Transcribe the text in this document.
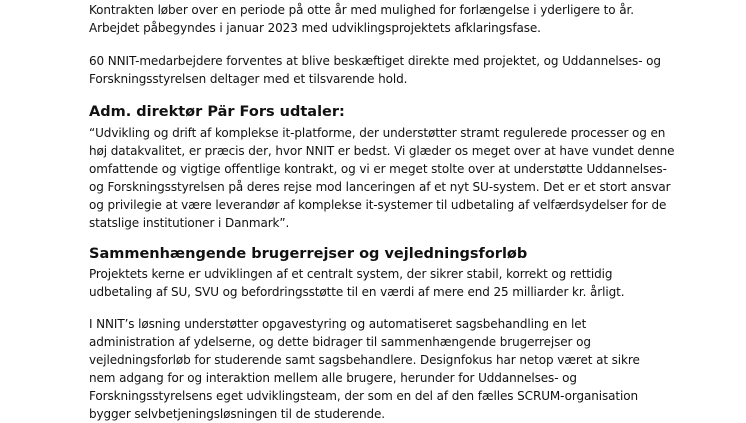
Kontrakten løber over en periode på otte år med mulighed for forlængelse i yderligere to år.

Arbejdet påbegyndes i januar 2023 med udviklingsprojektets afklaringsfase.

60 NNIT-medarbejdere forventes at blive beskæftiget direkte med projektet, og Uddannelses- og

Forskningsstyrelsen deltager med et tilsvarende hold.

Adm. direktør Pär Fors udtaler:

“Udvikling og drift af komplekse it-platforme, der understøtter stramt regulerede processer og en

høj datakvalitet, er præcis der, hvor NNIT er bedst. Vi glæder os meget over at have vundet denne

omfattende og vigtige offentlige kontrakt, og vi er meget stolte over at understøtte Uddannelses-

og Forskningsstyrelsen på deres rejse mod lanceringen af et nyt SU-system. Det er et stort ansvar

og privilegie at være leverandør af komplekse it-systemer til udbetaling af velfærdsydelser for de

statslige institutioner i Danmark”.

Sammenhængende brugerrejser og vejledningsforløb

Projektets kerne er udviklingen af et centralt system, der sikrer stabil, korrekt og rettidig

udbetaling af SU, SVU og befordringsstøtte til en værdi af mere end 25 milliarder kr. årligt.

I NNIT’s løsning understøtter opgavestyring og automatiseret sagsbehandling en let

administration af ydelserne, og dette bidrager til sammenhængende brugerrejser og

vejledningsforløb for studerende samt sagsbehandlere. Designfokus har netop været at sikre

nem adgang for og interaktion mellem alle brugere, herunder for Uddannelses- og

Forskningsstyrelsens eget udviklingsteam, der som en del af den fælles SCRUM-organisation

bygger selvbetjeningsløsningen til de studerende.
